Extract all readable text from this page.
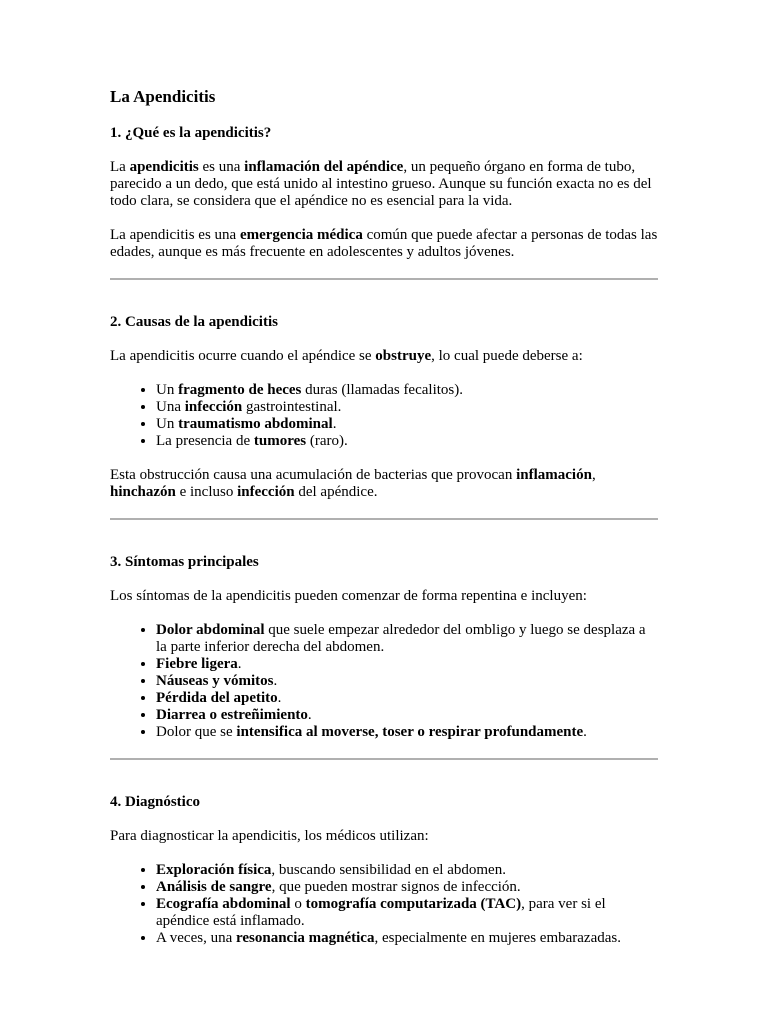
La Apendicitis
1. ¿Qué es la apendicitis?

La apendicitis es una inflamación del apéndice, un pequeño órgano en forma de tubo, parecido a un dedo, que está unido al intestino grueso. Aunque su función exacta no es del todo clara, se considera que el apéndice no es esencial para la vida.

La apendicitis es una emergencia médica común que puede afectar a personas de todas las edades, aunque es más frecuente en adolescentes y adultos jóvenes.

2. Causas de la apendicitis

La apendicitis ocurre cuando el apéndice se obstruye, lo cual puede deberse a:

• Un fragmento de heces duras (llamadas fecalitos).
• Una infección gastrointestinal.
• Un traumatismo abdominal.
• La presencia de tumores (raro).

Esta obstrucción causa una acumulación de bacterias que provocan inflamación, hinchazón e incluso infección del apéndice.

3. Síntomas principales

Los síntomas de la apendicitis pueden comenzar de forma repentina e incluyen:

• Dolor abdominal que suele empezar alrededor del ombligo y luego se desplaza a la parte inferior derecha del abdomen.
• Fiebre ligera.
• Náuseas y vómitos.
• Pérdida del apetito.
• Diarrea o estreñimiento.
• Dolor que se intensifica al moverse, toser o respirar profundamente.
4. Diagnóstico

Para diagnosticar la apendicitis, los médicos utilizan:

• Exploración física, buscando sensibilidad en el abdomen.
• Análisis de sangre, que pueden mostrar signos de infección.
• Ecografía abdominal o tomografía computarizada (TAC), para ver si el apéndice está inflamado.
• A veces, una resonancia magnética, especialmente en mujeres embarazadas.
